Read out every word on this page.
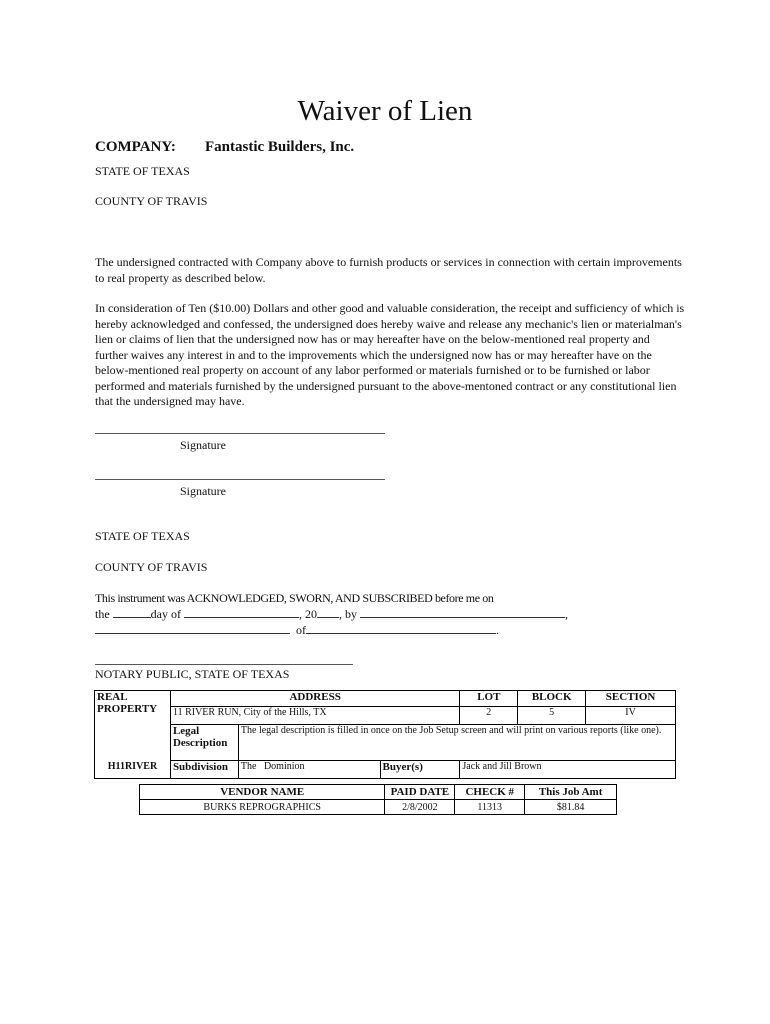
Waiver of Lien
COMPANY: Fantastic Builders, Inc.
STATE OF TEXAS
COUNTY OF TRAVIS
The undersigned contracted with Company above to furnish products or services in connection with certain improvements to real property as described below.
In consideration of Ten ($10.00) Dollars and other good and valuable consideration, the receipt and sufficiency of which is hereby acknowledged and confessed, the undersigned does hereby waive and release any mechanic's lien or materialman's lien or claims of lien that the undersigned now has or may hereafter have on the below-mentioned real property and further waives any interest in and to the improvements which the undersigned now has or may hereafter have on the below-mentioned real property on account of any labor performed or materials furnished or to be furnished or labor performed and materials furnished by the undersigned pursuant to the above-mentoned contract or any constitutional lien that the undersigned may have.
Signature
Signature
STATE OF TEXAS
COUNTY OF TRAVIS
This instrument was ACKNOWLEDGED, SWORN, AND SUBSCRIBED before me on
the	day of	, 20 , by	,
of	.
NOTARY PUBLIC, STATE OF TEXAS
REAL PROPERTY	ADDRESS			LOT	BLOCK	SECTION
	11 RIVER RUN, City of the Hills, TX			2	5	IV
	Legal Description	The legal description is filled in once on the Job Setup screen and will print on various reports (like one).				
H11RIVER	Subdivision	The   Dominion	Buyer(s)	Jack and Jill Brown		
VENDOR NAME	PAID DATE	CHECK #	This Job Amt
BURKS REPROGRAPHICS	2/8/2002	11313	$81.84
